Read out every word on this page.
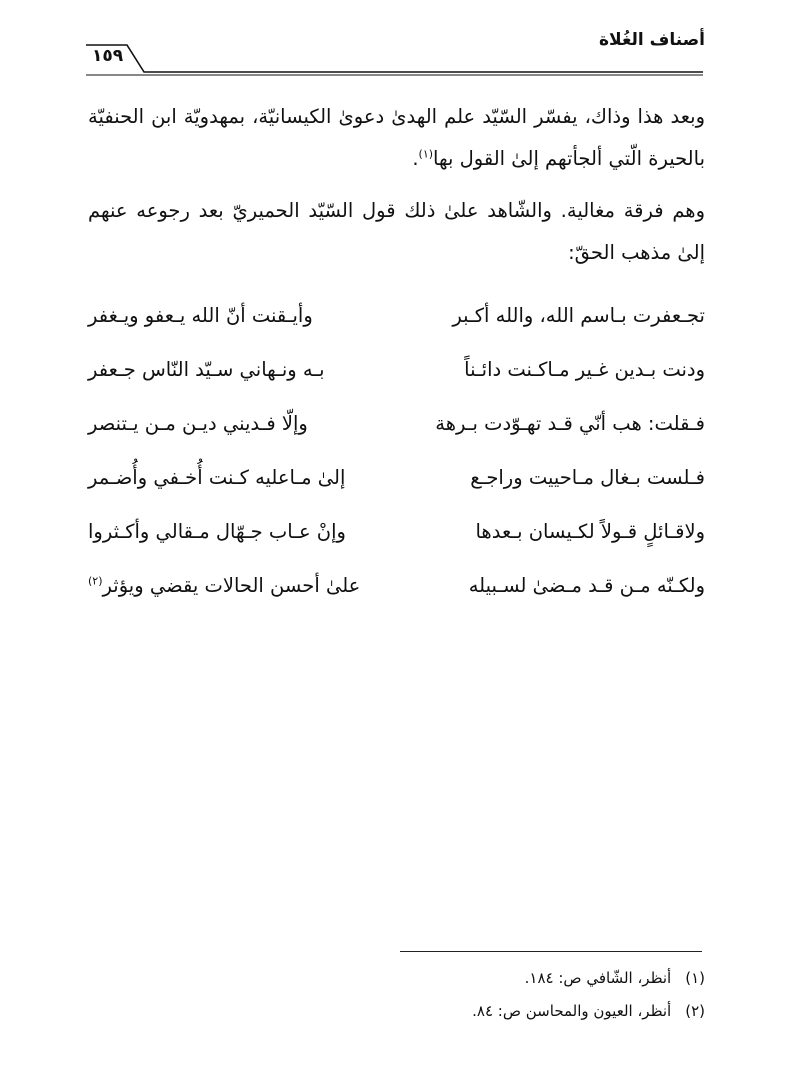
أصناف الغُلاة
١٥٩
وبعد هذا وذاك، يفسّر السّيّد علم الهدىٰ دعوىٰ الكيسانيّة، بمهدويّة ابن الحنفيّة بالحيرة الّتي ألجأتهم إلىٰ القول بها$^{(١)}$.
وهم فرقة مغالية. والشّاهد علىٰ ذلك قول السّيّد الحميريّ بعد رجوعه عنهم إلىٰ مذهب الحقّ:
تجـعفرت بـاسم الله، والله أكـبر
وأيـقنت أنّ الله يـعفو ويـغفر
ودنت بـدين غـير مـاكـنت دائـناً
بـه ونـهاني سـيّد النّاس جـعفر
فـقلت: هب أنّي قـد تهـوّدت بـرهة
وإلّا فـديني ديـن مـن يـتنصر
فـلست بـغال مـاحييت وراجـع
إلىٰ مـاعليه كـنت أُخـفي وأُضـمر
ولاقـائلٍ قـولاً لكـيسان بـعدها
وإنْ عـاب جـهّال مـقالي وأكـثروا
ولكـنّه مـن قـد مـضىٰ لسـبيله
علىٰ أحسن الحالات يقضي ويؤثر$^{(٢)}$
(١)أنظر، الشّافي ص: ١٨٤.
(٢)أنظر، العيون والمحاسن ص: ٨٤.
